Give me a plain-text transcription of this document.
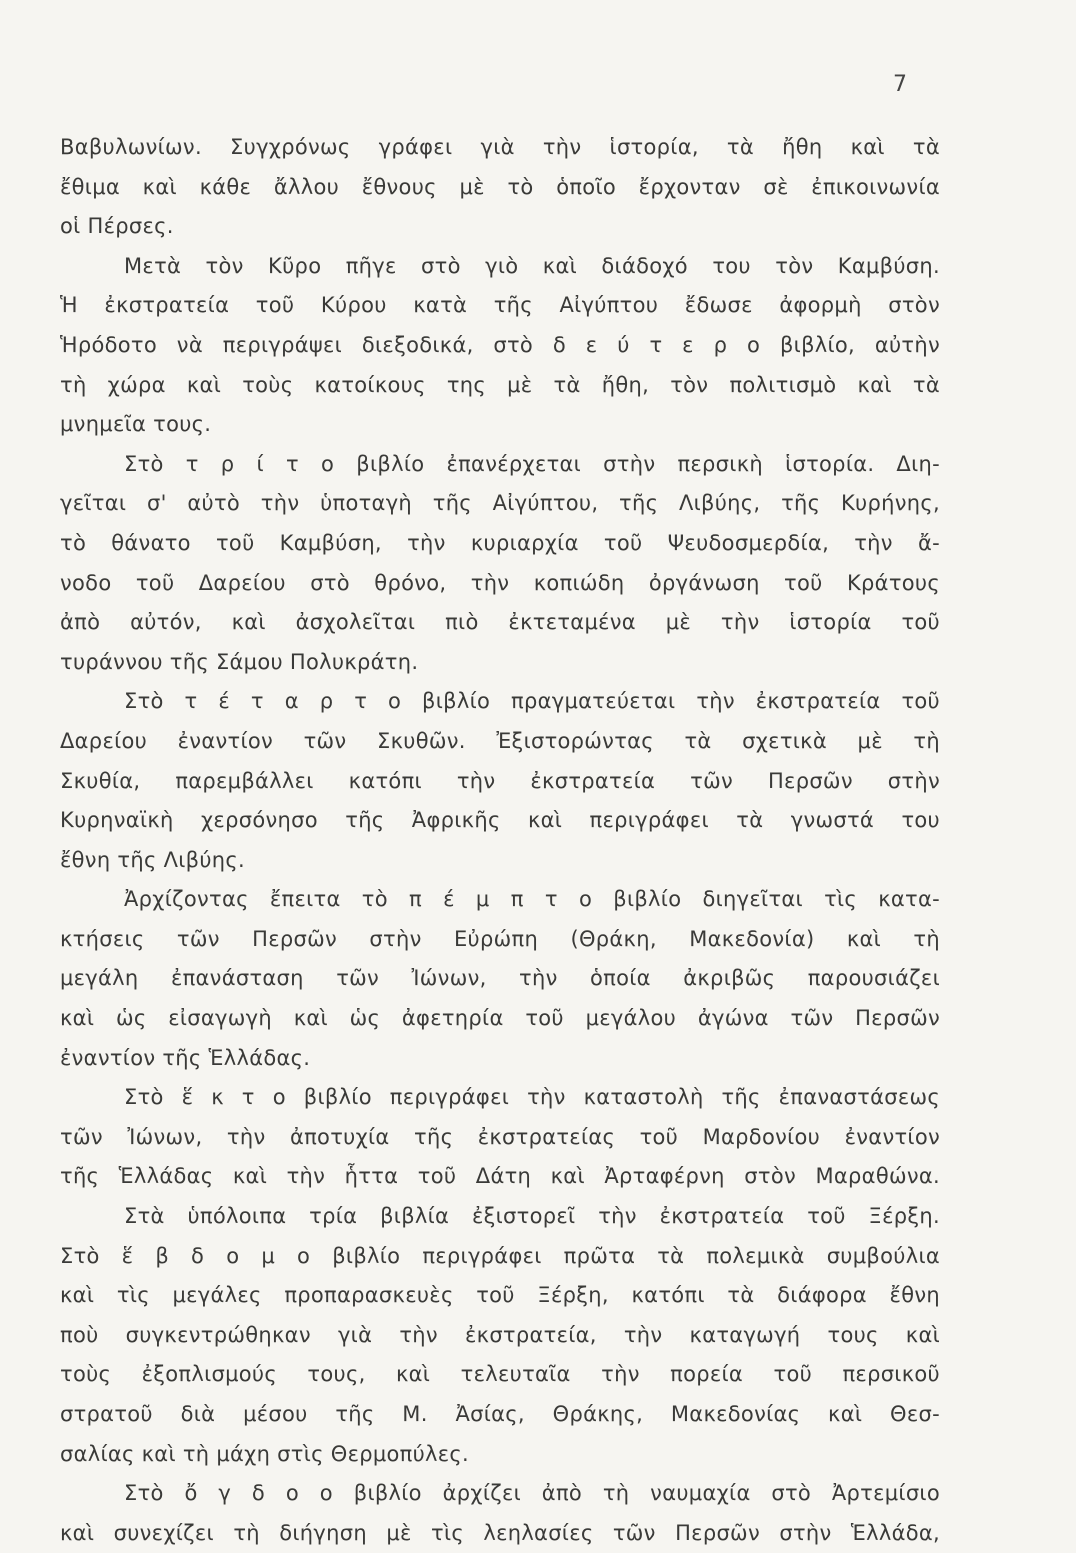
7
Βαβυλωνίων. Συγχρόνως γράφει γιὰ τὴν ἱστορία, τὰ ἤθη καὶ τὰ
ἔθιμα καὶ κάθε ἄλλου ἔθνους μὲ τὸ ὁποῖο ἔρχονταν σὲ ἐπικοινωνία
οἱ Πέρσες.
Μετὰ τὸν Κῦρο πῆγε στὸ γιὸ καὶ διάδοχό του τὸν Καμβύση.
Ἡ ἐκστρατεία τοῦ Κύρου κατὰ τῆς Αἰγύπτου ἔδωσε ἀφορμὴ στὸν
Ἡρόδοτο νὰ περιγράψει διεξοδικά, στὸ δ ε ύ τ ε ρ ο βιβλίο, αὐτὴν
τὴ χώρα καὶ τοὺς κατοίκους της μὲ τὰ ἤθη, τὸν πολιτισμὸ καὶ τὰ
μνημεῖα τους.
Στὸ τ ρ ί τ ο βιβλίο ἐπανέρχεται στὴν περσικὴ ἱστορία. Διη-
γεῖται σ' αὐτὸ τὴν ὑποταγὴ τῆς Αἰγύπτου, τῆς Λιβύης, τῆς Κυρήνης,
τὸ θάνατο τοῦ Καμβύση, τὴν κυριαρχία τοῦ Ψευδοσμερδία, τὴν ἄ-
νοδο τοῦ Δαρείου στὸ θρόνο, τὴν κοπιώδη ὀργάνωση τοῦ Κράτους
ἀπὸ αὐτόν, καὶ ἀσχολεῖται πιὸ ἐκτεταμένα μὲ τὴν ἱστορία τοῦ
τυράννου τῆς Σάμου Πολυκράτη.
Στὸ τ έ τ α ρ τ ο βιβλίο πραγματεύεται τὴν ἐκστρατεία τοῦ
Δαρείου ἐναντίον τῶν Σκυθῶν. Ἐξιστορώντας τὰ σχετικὰ μὲ τὴ
Σκυθία, παρεμβάλλει κατόπι τὴν ἐκστρατεία τῶν Περσῶν στὴν
Κυρηναϊκὴ χερσόνησο τῆς Ἀφρικῆς καὶ περιγράφει τὰ γνωστά του
ἔθνη τῆς Λιβύης.
Ἀρχίζοντας ἔπειτα τὸ π έ μ π τ ο βιβλίο διηγεῖται τὶς κατα-
κτήσεις τῶν Περσῶν στὴν Εὐρώπη (Θράκη, Μακεδονία) καὶ τὴ
μεγάλη ἐπανάσταση τῶν Ἰώνων, τὴν ὁποία ἀκριβῶς παρουσιάζει
καὶ ὡς εἰσαγωγὴ καὶ ὡς ἀφετηρία τοῦ μεγάλου ἀγώνα τῶν Περσῶν
ἐναντίον τῆς Ἑλλάδας.
Στὸ ἕ κ τ ο βιβλίο περιγράφει τὴν καταστολὴ τῆς ἐπαναστάσεως
τῶν Ἰώνων, τὴν ἀποτυχία τῆς ἐκστρατείας τοῦ Μαρδονίου ἐναντίον
τῆς Ἑλλάδας καὶ τὴν ἧττα τοῦ Δάτη καὶ Ἀρταφέρνη στὸν Μαραθώνα.
Στὰ ὑπόλοιπα τρία βιβλία ἐξιστορεῖ τὴν ἐκστρατεία τοῦ Ξέρξη.
Στὸ ἕ β δ ο μ ο βιβλίο περιγράφει πρῶτα τὰ πολεμικὰ συμβούλια
καὶ τὶς μεγάλες προπαρασκευὲς τοῦ Ξέρξη, κατόπι τὰ διάφορα ἔθνη
ποὺ συγκεντρώθηκαν γιὰ τὴν ἐκστρατεία, τὴν καταγωγή τους καὶ
τοὺς ἐξοπλισμούς τους, καὶ τελευταῖα τὴν πορεία τοῦ περσικοῦ
στρατοῦ διὰ μέσου τῆς Μ. Ἀσίας, Θράκης, Μακεδονίας καὶ Θεσ-
σαλίας καὶ τὴ μάχη στὶς Θερμοπύλες.
Στὸ ὄ γ δ ο ο βιβλίο ἀρχίζει ἀπὸ τὴ ναυμαχία στὸ Ἀρτεμίσιο
καὶ συνεχίζει τὴ διήγηση μὲ τὶς λεηλασίες τῶν Περσῶν στὴν Ἑλλάδα,
